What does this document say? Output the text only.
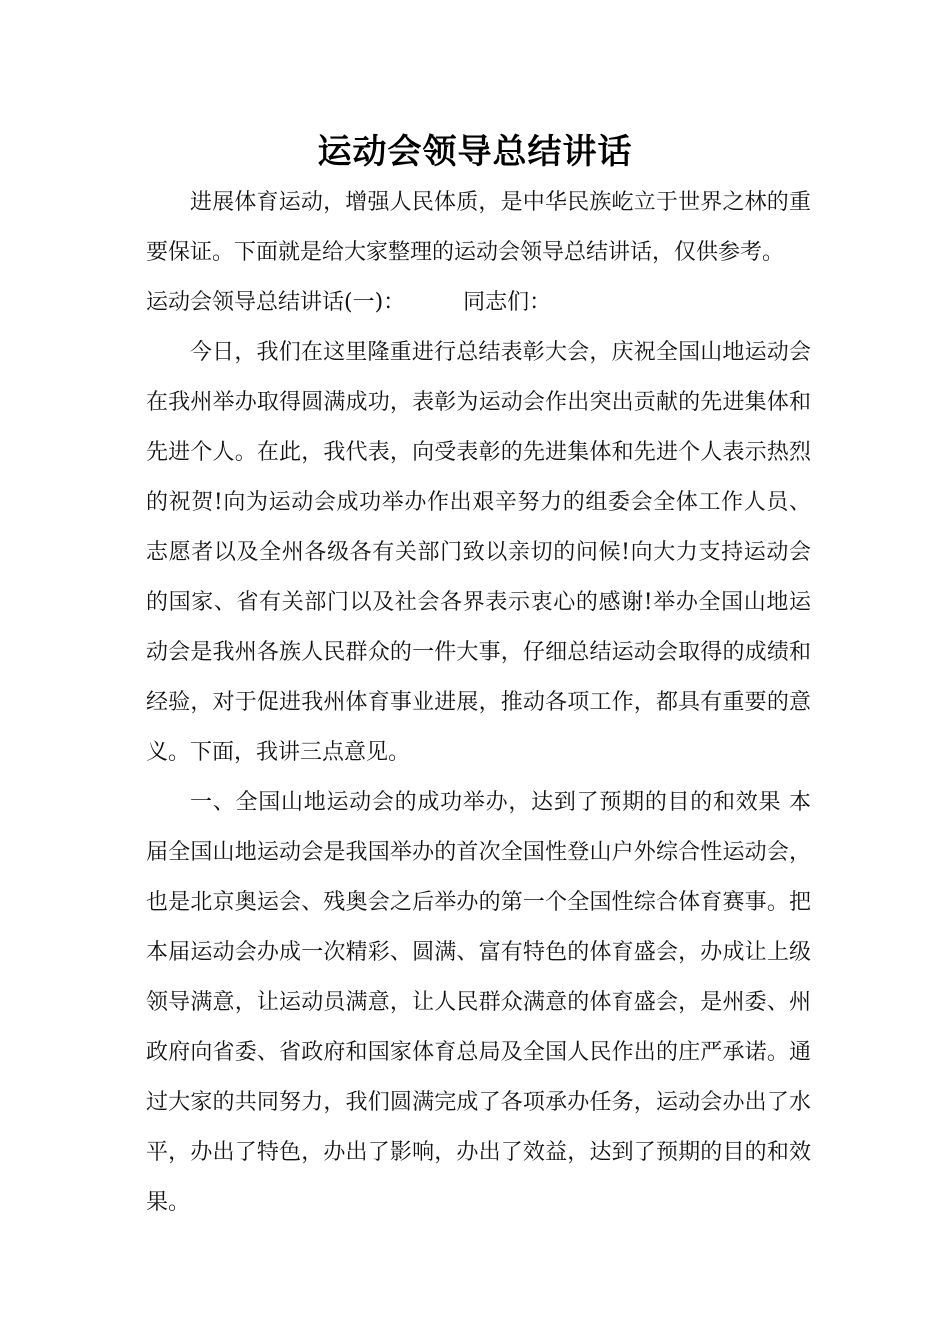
运动会领导总结讲话

进展体育运动，增强人民体质，是中华民族屹立于世界之林的重要保证。下面就是给大家整理的运动会领导总结讲话，仅供参考。

运动会领导总结讲话(一)：	同志们：

今日，我们在这里隆重进行总结表彰大会，庆祝全国山地运动会在我州举办取得圆满成功，表彰为运动会作出突出贡献的先进集体和先进个人。在此，我代表，向受表彰的先进集体和先进个人表示热烈的祝贺!向为运动会成功举办作出艰辛努力的组委会全体工作人员、志愿者以及全州各级各有关部门致以亲切的问候!向大力支持运动会的国家、省有关部门以及社会各界表示衷心的感谢!举办全国山地运动会是我州各族人民群众的一件大事，仔细总结运动会取得的成绩和经验，对于促进我州体育事业进展，推动各项工作，都具有重要的意义。下面，我讲三点意见。

一、全国山地运动会的成功举办，达到了预期的目的和效果 本届全国山地运动会是我国举办的首次全国性登山户外综合性运动会，也是北京奥运会、残奥会之后举办的第一个全国性综合体育赛事。把本届运动会办成一次精彩、圆满、富有特色的体育盛会，办成让上级领导满意，让运动员满意，让人民群众满意的体育盛会，是州委、州政府向省委、省政府和国家体育总局及全国人民作出的庄严承诺。通过大家的共同努力，我们圆满完成了各项承办任务，运动会办出了水平，办出了特色，办出了影响，办出了效益，达到了预期的目的和效果。
